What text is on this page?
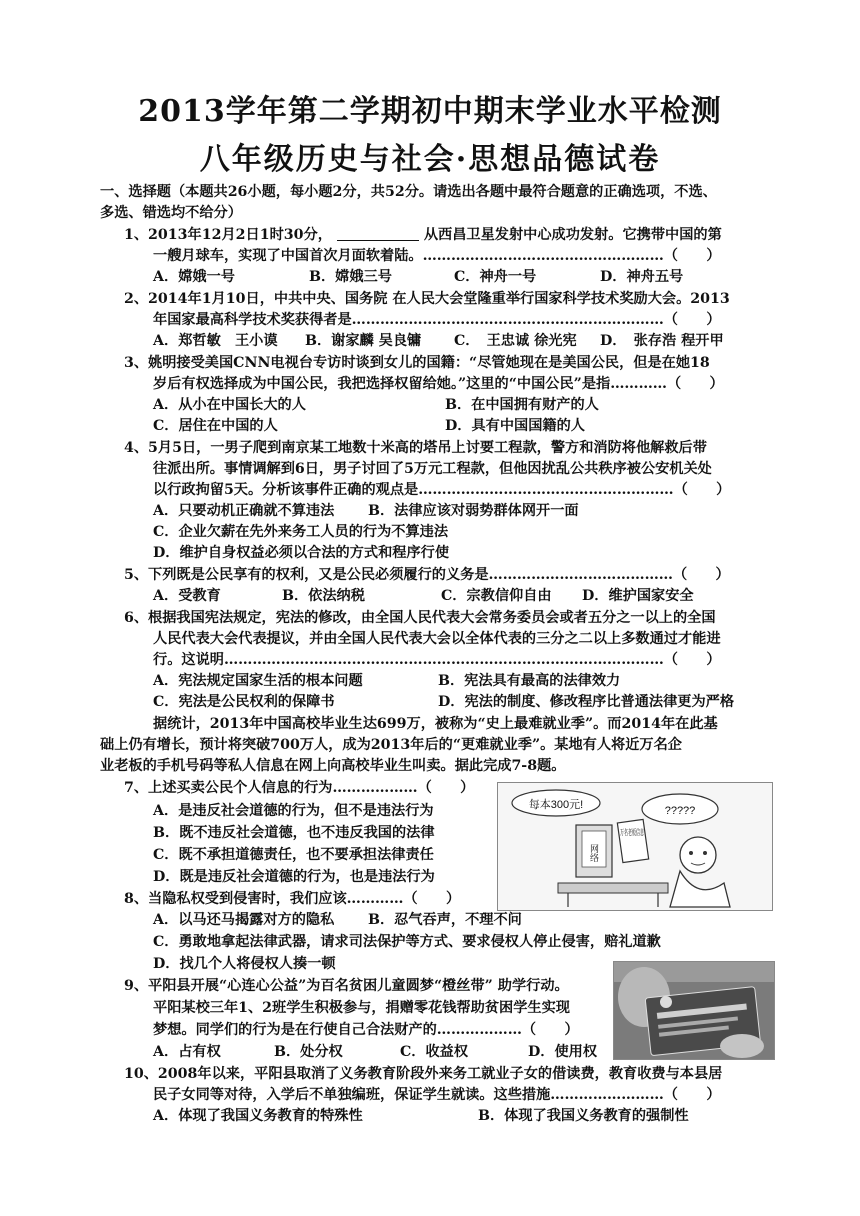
2013学年第二学期初中期末学业水平检测
八年级历史与社会·思想品德试卷
一、选择题（本题共26小题，每小题2分，共52分。请选出各题中最符合题意的正确选项，不选、
多选、错选均不给分）
1、2013年12月2日1时30分，	从西昌卫星发射中心成功发射。它携带中国的第
一艘月球车，实现了中国首次月面软着陆。……………………………………………（　　）
A．嫦娥一号	B．嫦娥三号	C．神舟一号	D．神舟五号
2、2014年1月10日，中共中央、国务院 在人民大会堂隆重举行国家科学技术奖励大会。2013
年国家最高科学技术奖获得者是…………………………………………………………（　　）
A．郑哲敏　王小谟 B．谢家麟 吴良镛 C．　王忠诚 徐光宪 D．　张存浩 程开甲
3、姚明接受美国CNN电视台专访时谈到女儿的国籍：“尽管她现在是美国公民，但是在她18
岁后有权选择成为中国公民，我把选择权留给她。”这里的“中国公民”是指…………（　　）
A．从小在中国长大的人	B．在中国拥有财产的人
C．居住在中国的人	D．具有中国国籍的人
4、5月5日，一男子爬到南京某工地数十米高的塔吊上讨要工程款，警方和消防将他解救后带
往派出所。事情调解到6日，男子讨回了5万元工程款，但他因扰乱公共秩序被公安机关处
以行政拘留5天。分析该事件正确的观点是………………………………………………（　　）
A．只要动机正确就不算违法 B．法律应该对弱势群体网开一面
C．企业欠薪在先外来务工人员的行为不算违法
D．维护自身权益必须以合法的方式和程序行使
5、下列既是公民享有的权利，又是公民必须履行的义务是…………………………………（　　）
A．受教育	B．依法纳税	C．宗教信仰自由 D．维护国家安全
6、根据我国宪法规定，宪法的修改，由全国人民代表大会常务委员会或者五分之一以上的全国
人民代表大会代表提议，并由全国人民代表大会以全体代表的三分之二以上多数通过才能进
行。这说明…………………………………………………………………………………（　　）
A．宪法规定国家生活的根本问题	B．宪法具有最高的法律效力
C．宪法是公民权利的保障书	D．宪法的制度、修改程序比普通法律更为严格
据统计，2013年中国高校毕业生达699万，被称为“史上最难就业季”。而2014年在此基
础上仍有增长，预计将突破700万人，成为2013年后的“更难就业季”。某地有人将近万名企
业老板的手机号码等私人信息在网上向高校毕业生叫卖。据此完成7-8题。
7、上述买卖公民个人信息的行为………………（　　）
A．是违反社会道德的行为，但不是违法行为
B．既不违反社会道德，也不违反我国的法律
C．既不承担道德责任，也不要承担法律责任
D．既是违反社会道德的行为，也是违法行为
每本300元!	?????
网络
8、当隐私权受到侵害时，我们应该…………（　　）
A．以马还马揭露对方的隐私 B．忍气吞声，不理不问
C．勇敢地拿起法律武器，请求司法保护等方式、要求侵权人停止侵害，赔礼道歉
D．找几个人将侵权人揍一顿
9、平阳县开展“心连心公益”为百名贫困儿童圆梦“橙丝带” 助学行动。
平阳某校三年1、2班学生积极参与，捐赠零花钱帮助贫困学生实现
梦想。同学们的行为是在行使自己合法财产的………………（　　）
A．占有权	B．处分权	C．收益权	D．使用权
10、2008年以来，平阳县取消了义务教育阶段外来务工就业子女的借读费，教育收费与本县居
民子女同等对待，入学后不单独编班，保证学生就读。这些措施……………………（　　）
A．体现了我国义务教育的特殊性	B．体现了我国义务教育的强制性
